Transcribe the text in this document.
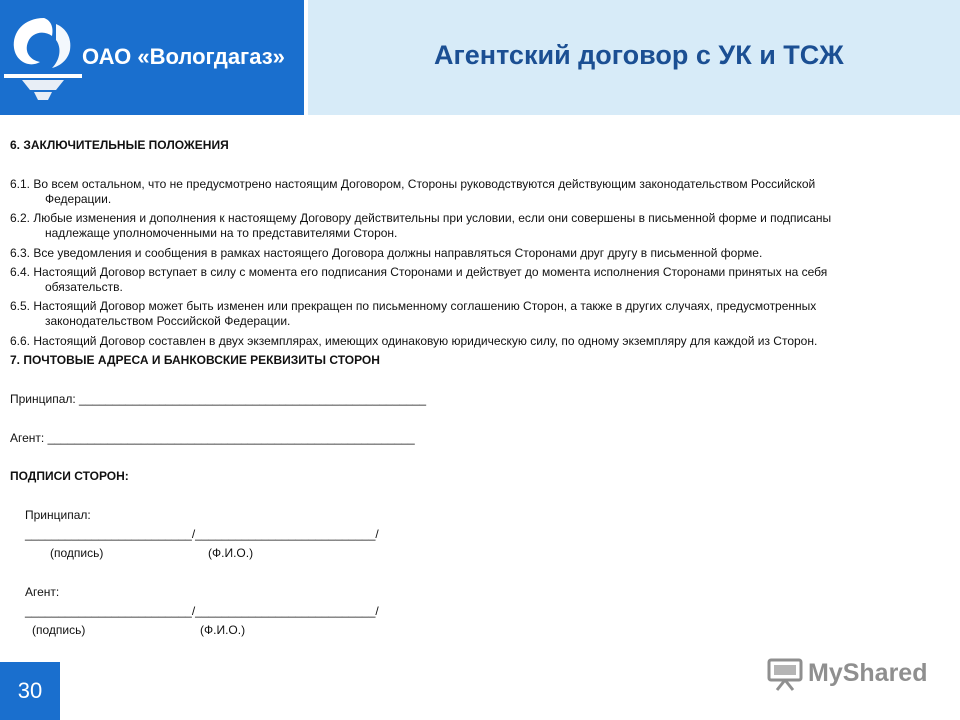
ОАО «Вологдагаз»	Агентский договор с УК и ТСЖ
6. ЗАКЛЮЧИТЕЛЬНЫЕ ПОЛОЖЕНИЯ
6.1. Во всем остальном, что не предусмотрено настоящим Договором, Стороны руководствуются действующим законодательством Российской
Федерации.
6.2. Любые изменения и дополнения к настоящему Договору действительны при условии, если они совершены в письменной форме и подписаны
надлежаще уполномоченными на то представителями Сторон.
6.3. Все уведомления и сообщения в рамках настоящего Договора должны направляться Сторонами друг другу в письменной форме.
6.4. Настоящий Договор вступает в силу с момента его подписания Сторонами и действует до момента исполнения Сторонами принятых на себя
обязательств.
6.5. Настоящий Договор может быть изменен или прекращен по письменному соглашению Сторон, а также в других случаях, предусмотренных
законодательством Российской Федерации.
6.6. Настоящий Договор составлен в двух экземплярах, имеющих одинаковую юридическую силу, по одному экземпляру для каждой из Сторон.
7. ПОЧТОВЫЕ АДРЕСА И БАНКОВСКИЕ РЕКВИЗИТЫ СТОРОН
Принципал: ____________________________________________________
Агент: _______________________________________________________
ПОДПИСИ СТОРОН:
Принципал:
_________________________/___________________________/
(подпись)	(Ф.И.О.)
Агент:
_________________________/___________________________/
(подпись)	(Ф.И.О.)
30
MyShared
